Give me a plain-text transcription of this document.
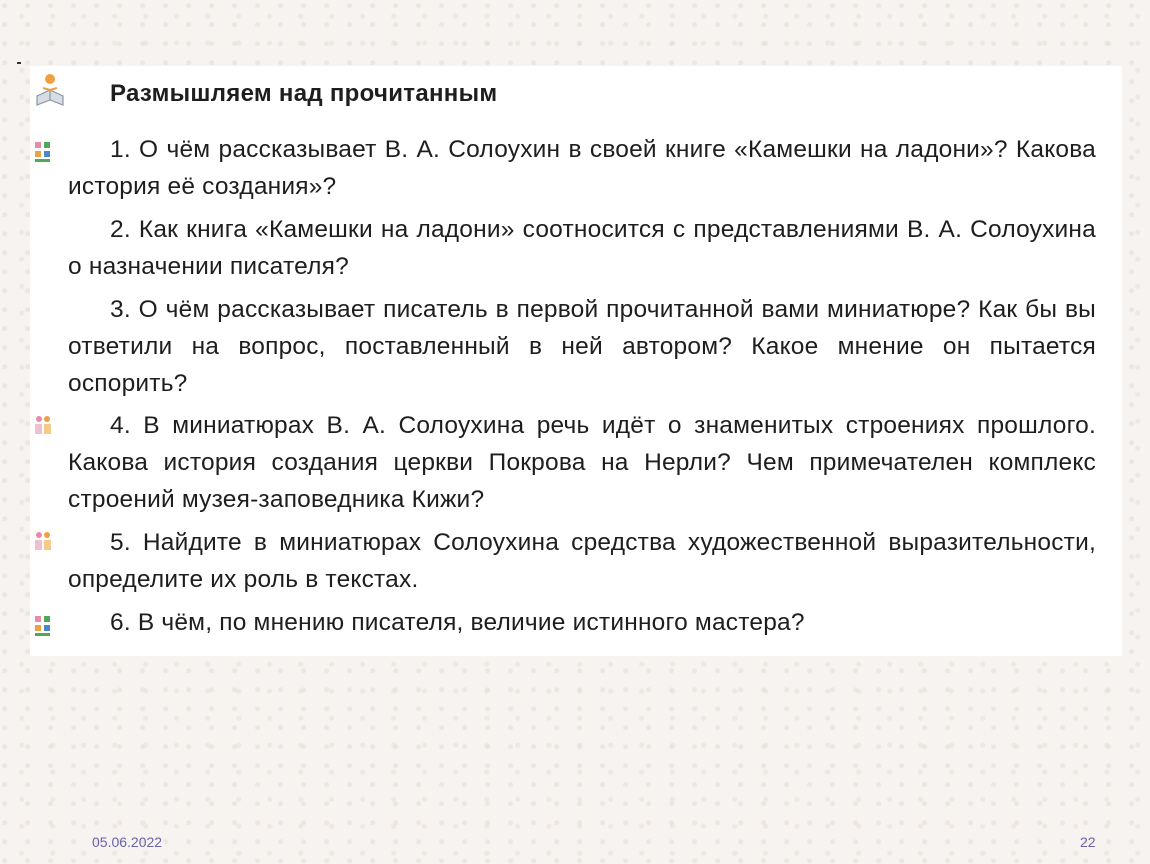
Размышляем над прочитанным
1. О чём рассказывает В. А. Солоухин в своей книге «Камешки на ладони»? Какова история её создания»?
2. Как книга «Камешки на ладони» соотносится с представлениями В. А. Солоухина о назначении писателя?
3. О чём рассказывает писатель в первой прочитанной вами миниатюре? Как бы вы ответили на вопрос, поставленный в ней автором? Какое мнение он пытается оспорить?
4. В миниатюрах В. А. Солоухина речь идёт о знаменитых строениях прошлого. Какова история создания церкви Покрова на Нерли? Чем примечателен комплекс строений музея-заповедника Кижи?
5. Найдите в миниатюрах Солоухина средства художественной выразительности, определите их роль в текстах.
6. В чём, по мнению писателя, величие истинного мастера?
05.06.2022	22
